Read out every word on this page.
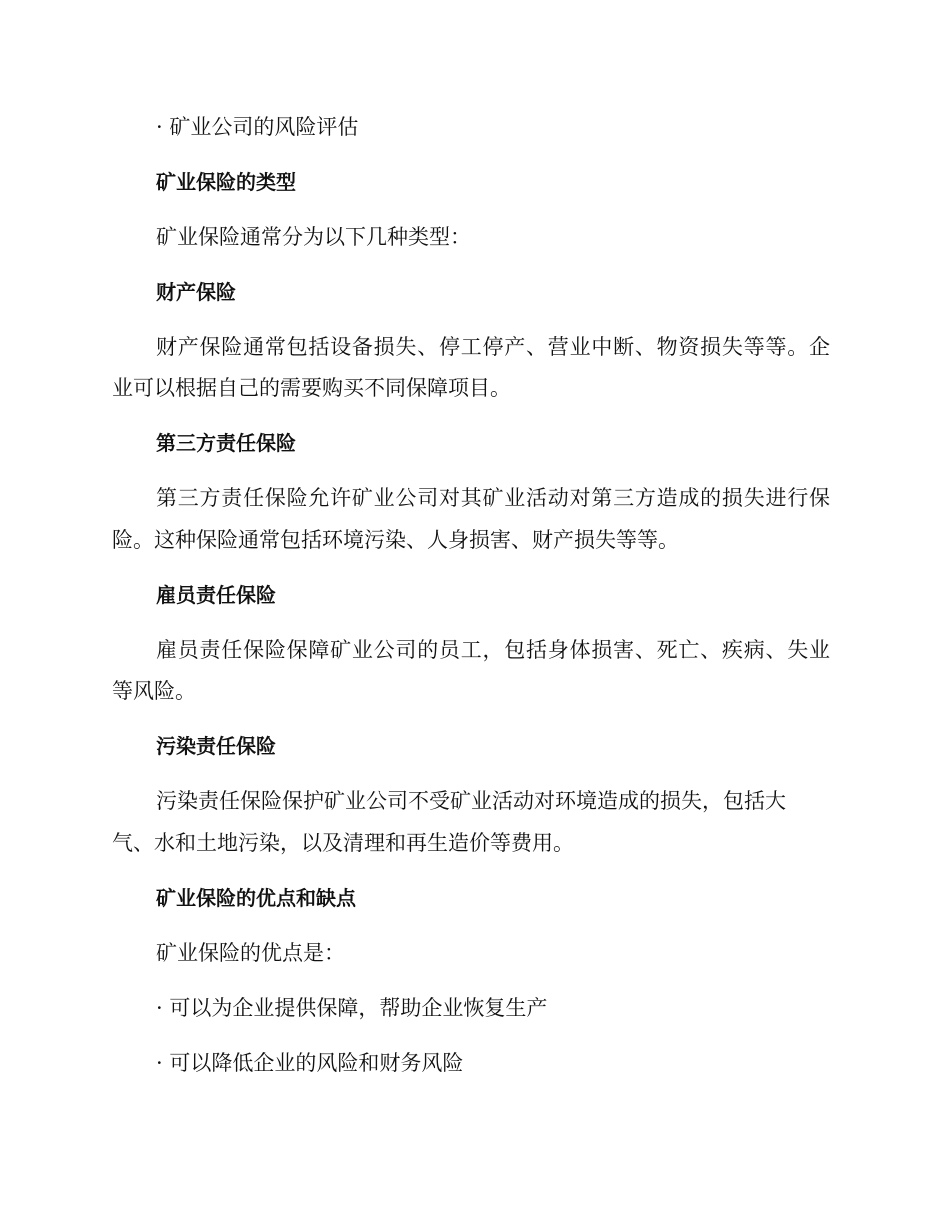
· 矿业公司的风险评估
矿业保险的类型
矿业保险通常分为以下几种类型：
财产保险
财产保险通常包括设备损失、停工停产、营业中断、物资损失等等。企
业可以根据自己的需要购买不同保障项目。
第三方责任保险
第三方责任保险允许矿业公司对其矿业活动对第三方造成的损失进行保
险。这种保险通常包括环境污染、人身损害、财产损失等等。
雇员责任保险
雇员责任保险保障矿业公司的员工，包括身体损害、死亡、疾病、失业
等风险。
污染责任保险
污染责任保险保护矿业公司不受矿业活动对环境造成的损失，包括大
气、水和土地污染，以及清理和再生造价等费用。
矿业保险的优点和缺点
矿业保险的优点是：
· 可以为企业提供保障，帮助企业恢复生产
· 可以降低企业的风险和财务风险
